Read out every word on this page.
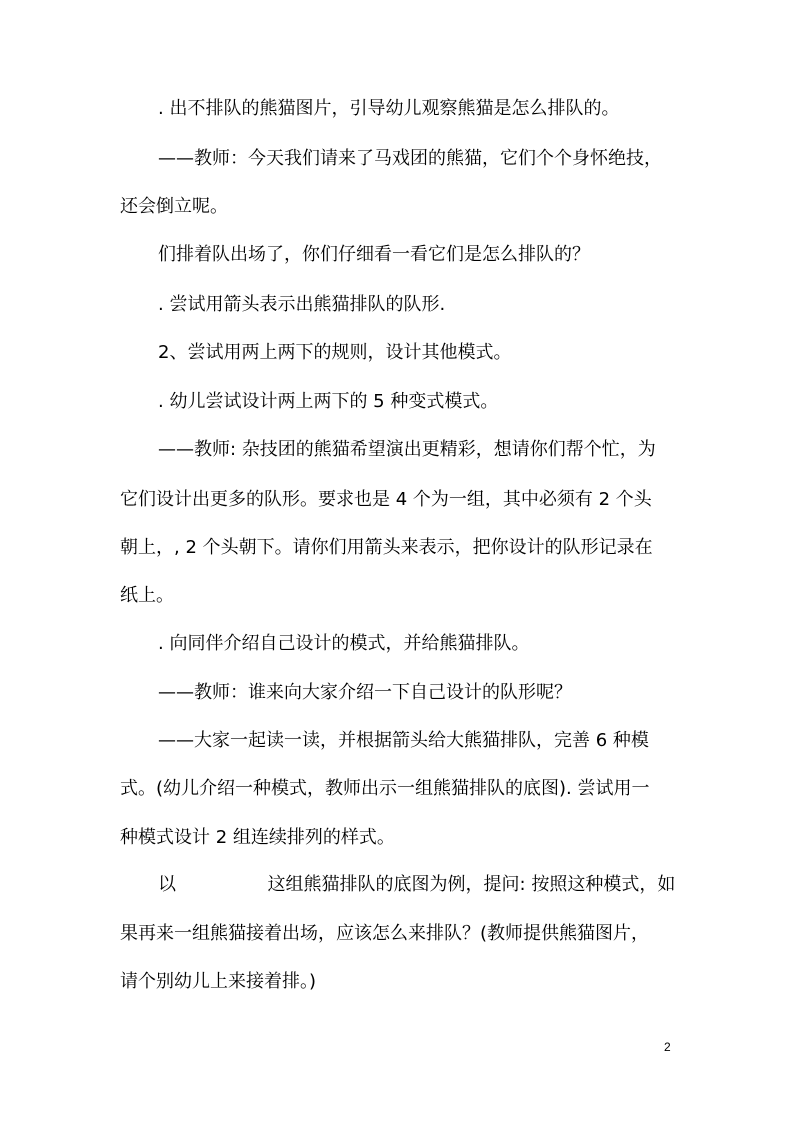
. 出不排队的熊猫图片，引导幼儿观察熊猫是怎么排队的。
——教师：今天我们请来了马戏团的熊猫，它们个个身怀绝技，
还会倒立呢。
们排着队出场了，你们仔细看一看它们是怎么排队的？
. 尝试用箭头表示出熊猫排队的队形.
2、尝试用两上两下的规则，设计其他模式。
. 幼儿尝试设计两上两下的 5 种变式模式。
——教师: 杂技团的熊猫希望演出更精彩，想请你们帮个忙，为
它们设计出更多的队形。要求也是 4 个为一组，其中必须有 2 个头
朝上，, 2 个头朝下。请你们用箭头来表示，把你设计的队形记录在
纸上。
. 向同伴介绍自己设计的模式，并给熊猫排队。
——教师：谁来向大家介绍一下自己设计的队形呢？
——大家一起读一读，并根据箭头给大熊猫排队，完善 6 种模
式。(幼儿介绍一种模式，教师出示一组熊猫排队的底图). 尝试用一
种模式设计 2 组连续排列的样式。
以                这组熊猫排队的底图为例，提问: 按照这种模式，如
果再来一组熊猫接着出场，应该怎么来排队？(教师提供熊猫图片，
请个别幼儿上来接着排。)
2
